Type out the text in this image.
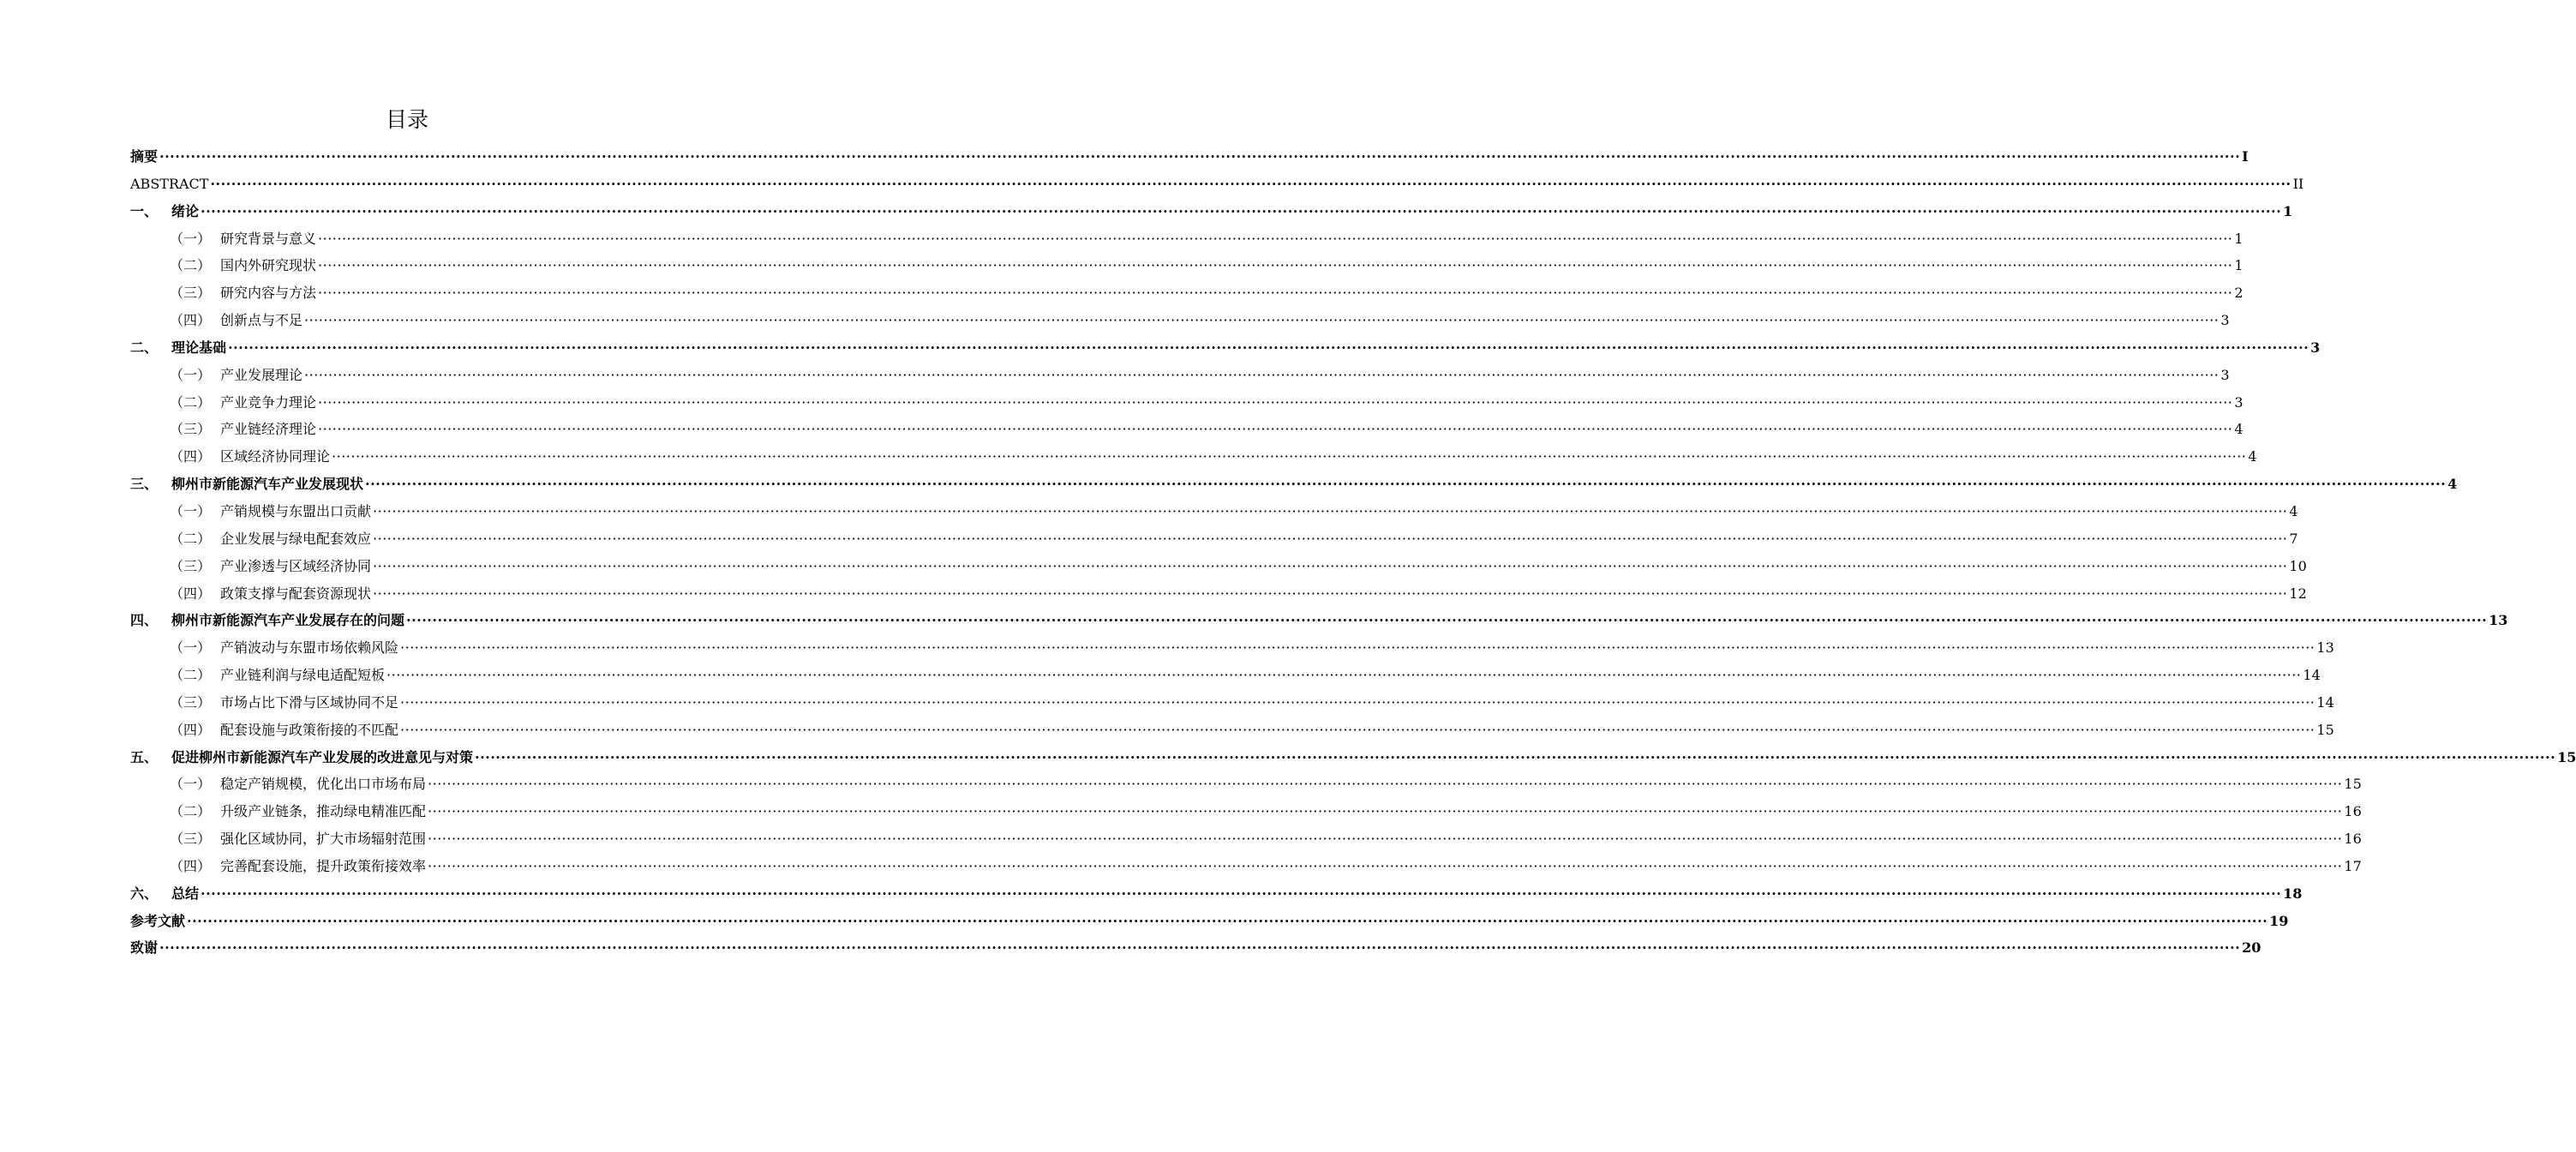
目录
摘要 ················································································································································································································································································································································································································ I
ABSTRACT ················································································································································································································································································································································································································ II
一、 绪论 ················································································································································································································································································································································································································ 1
（一） 研究背景与意义 ················································································································································································································································································································································································································ 1
（二） 国内外研究现状 ················································································································································································································································································································································································································ 1
（三） 研究内容与方法 ················································································································································································································································································································································································································ 2
（四） 创新点与不足 ················································································································································································································································································································································································································ 3
二、 理论基础 ················································································································································································································································································································································································································ 3
（一） 产业发展理论 ················································································································································································································································································································································································································ 3
（二） 产业竞争力理论 ················································································································································································································································································································································································································ 3
（三） 产业链经济理论 ················································································································································································································································································································································································································ 4
（四） 区域经济协同理论 ················································································································································································································································································································································································································ 4
三、 柳州市新能源汽车产业发展现状 ················································································································································································································································································································································································································ 4
（一） 产销规模与东盟出口贡献 ················································································································································································································································································································································································································ 4
（二） 企业发展与绿电配套效应 ················································································································································································································································································································································································································ 7
（三） 产业渗透与区域经济协同 ················································································································································································································································································································································································································ 10
（四） 政策支撑与配套资源现状 ················································································································································································································································································································································································································ 12
四、 柳州市新能源汽车产业发展存在的问题 ················································································································································································································································································································································································································ 13
（一） 产销波动与东盟市场依赖风险 ················································································································································································································································································································································································································ 13
（二） 产业链利润与绿电适配短板 ················································································································································································································································································································································································································ 14
（三） 市场占比下滑与区域协同不足 ················································································································································································································································································································································································································ 14
（四） 配套设施与政策衔接的不匹配 ················································································································································································································································································································································································································ 15
五、 促进柳州市新能源汽车产业发展的改进意见与对策 ················································································································································································································································································································································································································ 15
（一） 稳定产销规模，优化出口市场布局 ················································································································································································································································································································································································································ 15
（二） 升级产业链条，推动绿电精准匹配 ················································································································································································································································································································································································································ 16
（三） 强化区域协同，扩大市场辐射范围 ················································································································································································································································································································································································································ 16
（四） 完善配套设施，提升政策衔接效率 ················································································································································································································································································································································································································ 17
六、 总结 ················································································································································································································································································································································································································ 18
参考文献 ················································································································································································································································································································································································································ 19
致谢 ················································································································································································································································································································································································································ 20
